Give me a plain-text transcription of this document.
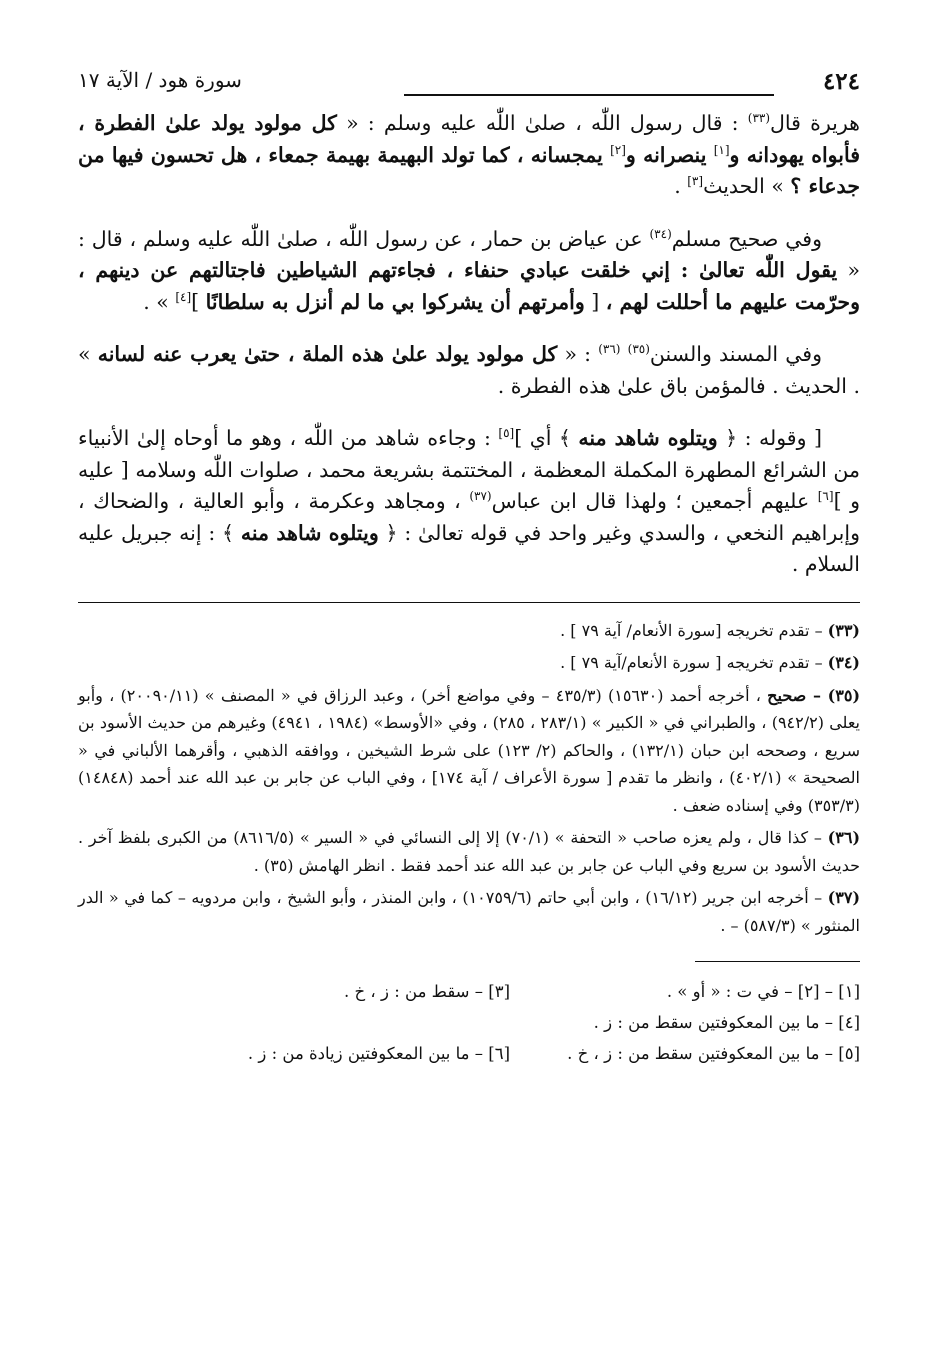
٤٢٤
سورة هود / الآية ١٧

هريرة قال$^{(٣٣)}$ : قال رسول اللّٰه ، صلىٰ اللّٰه عليه وسلم : « كل مولود يولد علىٰ الفطرة ، فأبواه يهودانه و[١] ينصرانه و[٢] يمجسانه ، كما تولد البهيمة بهيمة جمعاء ، هل تحسون فيها من جدعاء ؟ » الحديث[٣] .

وفي صحيح مسلم$^{(٣٤)}$ عن عياض بن حمار ، عن رسول اللّٰه ، صلىٰ اللّٰه عليه وسلم ، قال : « يقول اللّٰه تعالىٰ : إني خلقت عبادي حنفاء ، فجاءتهم الشياطين فاجتالتهم عن دينهم ، وحرّمت عليهم ما أحللت لهم ، [ وأمرتهم أن يشركوا بي ما لم أنزل به سلطانًا ][٤] » .

وفي المسند والسنن$^{(٣٥)}$ $^{(٣٦)}$ : « كل مولود يولد علىٰ هذه الملة ، حتىٰ يعرب عنه لسانه » . الحديث . فالمؤمن باق علىٰ هذه الفطرة .

[ وقوله : ﴿ ويتلوه شاهد منه ﴾ أي ][٥] : وجاءه شاهد من اللّٰه ، وهو ما أوحاه إلىٰ الأنبياء من الشرائع المطهرة المكملة المعظمة ، المختتمة بشريعة محمد ، صلوات اللّٰه وسلامه [ عليه و ][٦] عليهم أجمعين ؛ ولهذا قال ابن عباس$^{(٣٧)}$ ، ومجاهد وعكرمة ، وأبو العالية ، والضحاك ، وإبراهيم النخعي ، والسدي وغير واحد في قوله تعالىٰ : ﴿ ويتلوه شاهد منه ﴾ : إنه جبريل عليه السلام .

(٣٣) – تقدم تخريجه [سورة الأنعام/ آية ٧٩ ] .

(٣٤) – تقدم تخريجه [ سورة الأنعام/آية ٧٩ ] .

(٣٥) – صحيح ، أخرجه أحمد (١٥٦٣٠) (٤٣٥/٣ – وفي مواضع أخر) ، وعبد الرزاق في « المصنف » (٢٠٠٩٠/١١) ، وأبو يعلى (٩٤٢/٢) ، والطبراني في « الكبير » (٢٨٣/١ ، ٢٨٥) ، وفي «الأوسط» (١٩٨٤ ، ٤٩٤١) وغيرهم من حديث الأسود بن سريع ، وصححه ابن حبان (١٣٢/١) ، والحاكم (٢/ ١٢٣) على شرط الشيخين ، ووافقه الذهبي ، وأقرهما الألباني في « الصحيحة » (٤٠٢/١) ، وانظر ما تقدم [ سورة الأعراف / آية ١٧٤] ، وفي الباب عن جابر بن عبد الله عند أحمد (١٤٨٤٨) (٣٥٣/٣) وفي إسناده ضعف .

(٣٦) – كذا قال ، ولم يعزه صاحب « التحفة » (٧٠/١) إلا إلى النسائي في « السير » (٨٦١٦/٥) من الكبرى بلفظ آخر . حديث الأسود بن سريع وفي الباب عن جابر بن عبد الله عند أحمد فقط . انظر الهامش (٣٥) .

(٣٧) – أخرجه ابن جرير (١٦/١٢) ، وابن أبي حاتم (١٠٧٥٩/٦) ، وابن المنذر ، وأبو الشيخ ، وابن مردويه – كما في « الدر المنثور » (٥٨٧/٣) – .

[١] – [٢] – في ت : « أو » .
[٣] – سقط من : ز ، خ .
[٤] – ما بين المعكوفتين سقط من : ز .
[٥] – ما بين المعكوفتين سقط من : ز ، خ .
[٦] – ما بين المعكوفتين زيادة من : ز .
